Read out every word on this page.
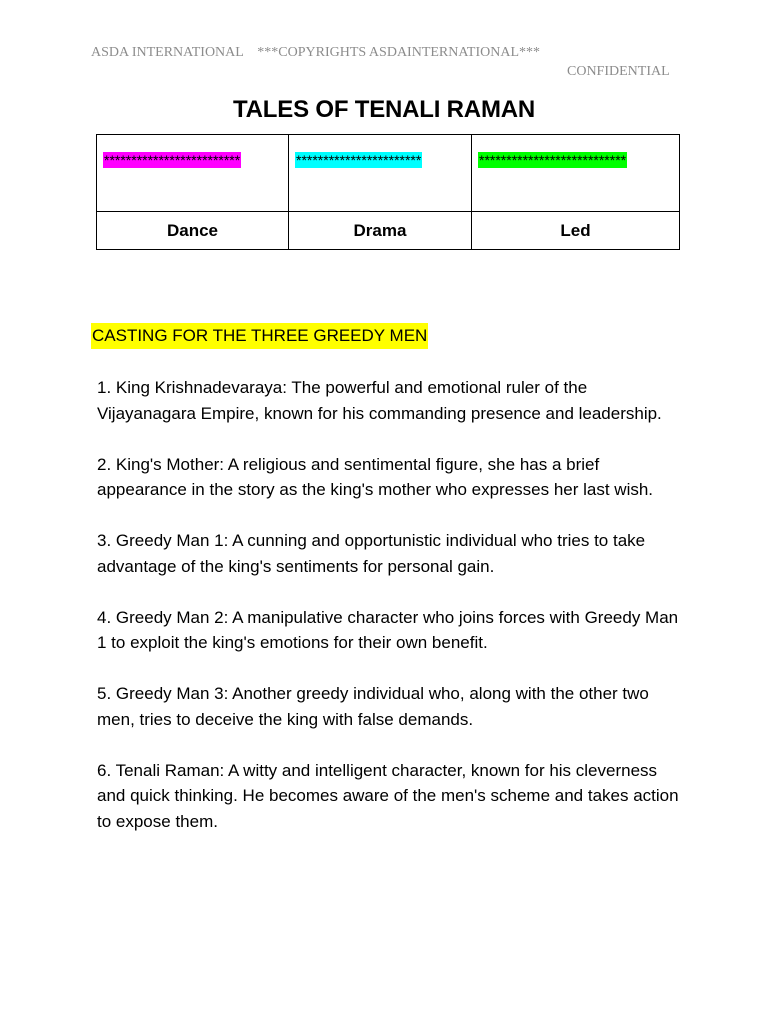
ASDA INTERNATIONAL    ***COPYRIGHTS ASDAINTERNATIONAL***
CONFIDENTIAL
TALES OF TENALI RAMAN
*************************	***********************	***************************

Dance	Drama	Led
CASTING FOR THE THREE GREEDY MEN
1. King Krishnadevaraya: The powerful and emotional ruler of the Vijayanagara Empire, known for his commanding presence and leadership.
2. King's Mother: A religious and sentimental figure, she has a brief appearance in the story as the king's mother who expresses her last wish.
3. Greedy Man 1: A cunning and opportunistic individual who tries to take advantage of the king's sentiments for personal gain.
4. Greedy Man 2: A manipulative character who joins forces with Greedy Man 1 to exploit the king's emotions for their own benefit.
5. Greedy Man 3: Another greedy individual who, along with the other two men, tries to deceive the king with false demands.
6. Tenali Raman: A witty and intelligent character, known for his cleverness and quick thinking. He becomes aware of the men's scheme and takes action to expose them.
